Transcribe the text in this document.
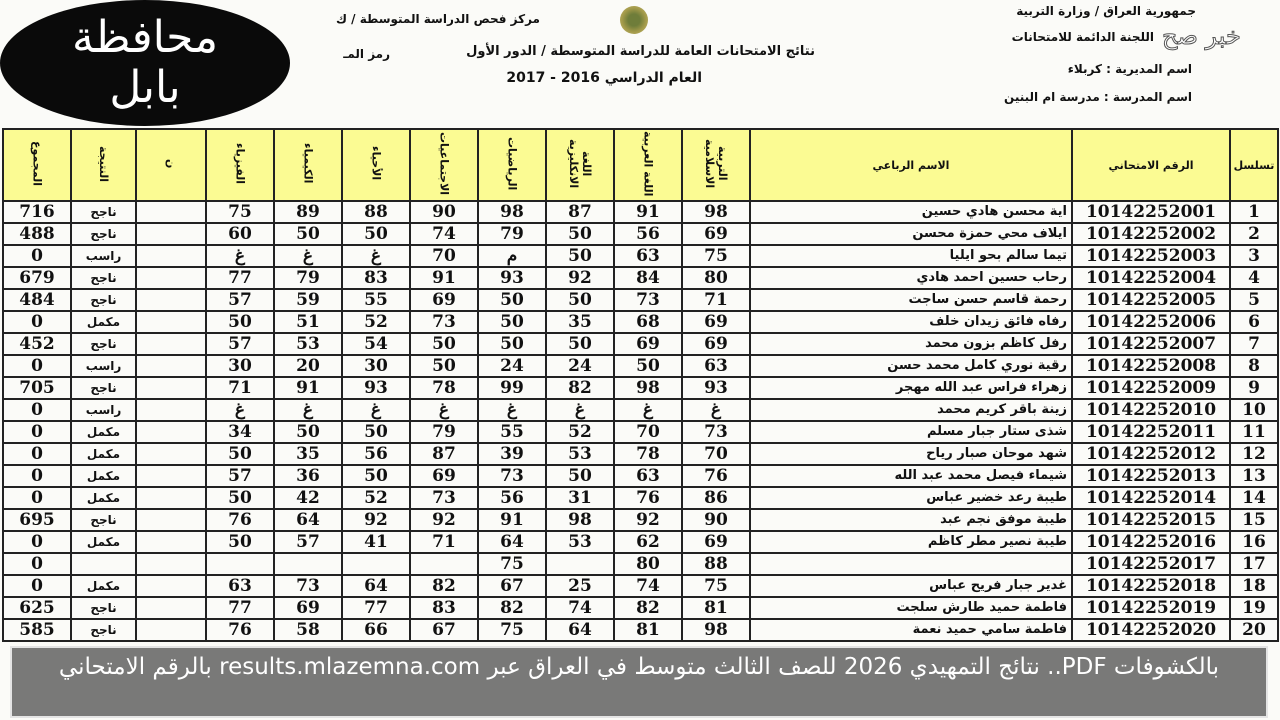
جمهورية العراق / وزارة التربية
اللجنة الدائمة للامتحانات
اسم المديرية : كربلاء
اسم المدرسة : مدرسة ام البنين
نتائج الامتحانات العامة للدراسة المتوسطة / الدور الأول
العام الدراسي 2016 - 2017
مركز فحص الدراسة المتوسطة / ك
رمز المـ
خبر صح
تسلسل	الرقم الامتحاني	الاسم الرباعي	التربية الاسلامية	اللغة العربية	اللغة الانكليزية	الرياضيات	الاجتماعيات	الأحياء	الكيمياء	الفيزياء	ن	النتيجة	المجموع
1	10142252001	اية محسن هادي حسين	98	91	87	98	90	88	89	75		ناجح	716
2	10142252002	ايلاف محي حمزة محسن	69	56	50	79	74	50	50	60		ناجح	488
3	10142252003	تيما سالم بحو ايليا	75	63	50	م	70	غ	غ	غ		راسب	0
4	10142252004	رحاب حسين احمد هادي	80	84	92	93	91	83	79	77		ناجح	679
5	10142252005	رحمة قاسم حسن ساجت	71	73	50	50	69	55	59	57		ناجح	484
6	10142252006	رفاه فائق زيدان خلف	69	68	35	50	73	52	51	50		مكمل	0
7	10142252007	رفل كاظم بزون محمد	69	69	50	50	50	54	53	57		ناجح	452
8	10142252008	رقية نوري كامل محمد حسن	63	50	24	24	50	30	20	30		راسب	0
9	10142252009	زهراء فراس عبد الله مهجر	93	98	82	99	78	93	91	71		ناجح	705
10	10142252010	زينة باقر كريم محمد	غ	غ	غ	غ	غ	غ	غ	غ		راسب	0
11	10142252011	شذى ستار جبار مسلم	73	70	52	55	79	50	50	34		مكمل	0
12	10142252012	شهد موحان صبار رياح	70	78	53	39	87	56	35	50		مكمل	0
13	10142252013	شيماء فيصل محمد عبد الله	76	63	50	73	69	50	36	57		مكمل	0
14	10142252014	طيبة رعد خضير عباس	86	76	31	56	73	52	42	50		مكمل	0
15	10142252015	طيبة موفق نجم عبد	90	92	98	91	92	92	64	76		ناجح	695
16	10142252016	طيبة نصير مطر كاظم	69	62	53	64	71	41	57	50		مكمل	0
17	10142252017		88	80		75							0
18	10142252018	غدير جبار فريح عباس	75	74	25	67	82	64	73	63		مكمل	0
19	10142252019	فاطمة حميد طارش سلجت	81	82	74	82	83	77	69	77		ناجح	625
20	10142252020	فاطمة سامي حميد نعمة	98	81	64	75	67	66	58	76		ناجح	585
محافظة
بابل
بالكشوفات PDF.. نتائج التمهيدي 2026 للصف الثالث متوسط في العراق عبر results.mlazemna.com بالرقم الامتحاني
